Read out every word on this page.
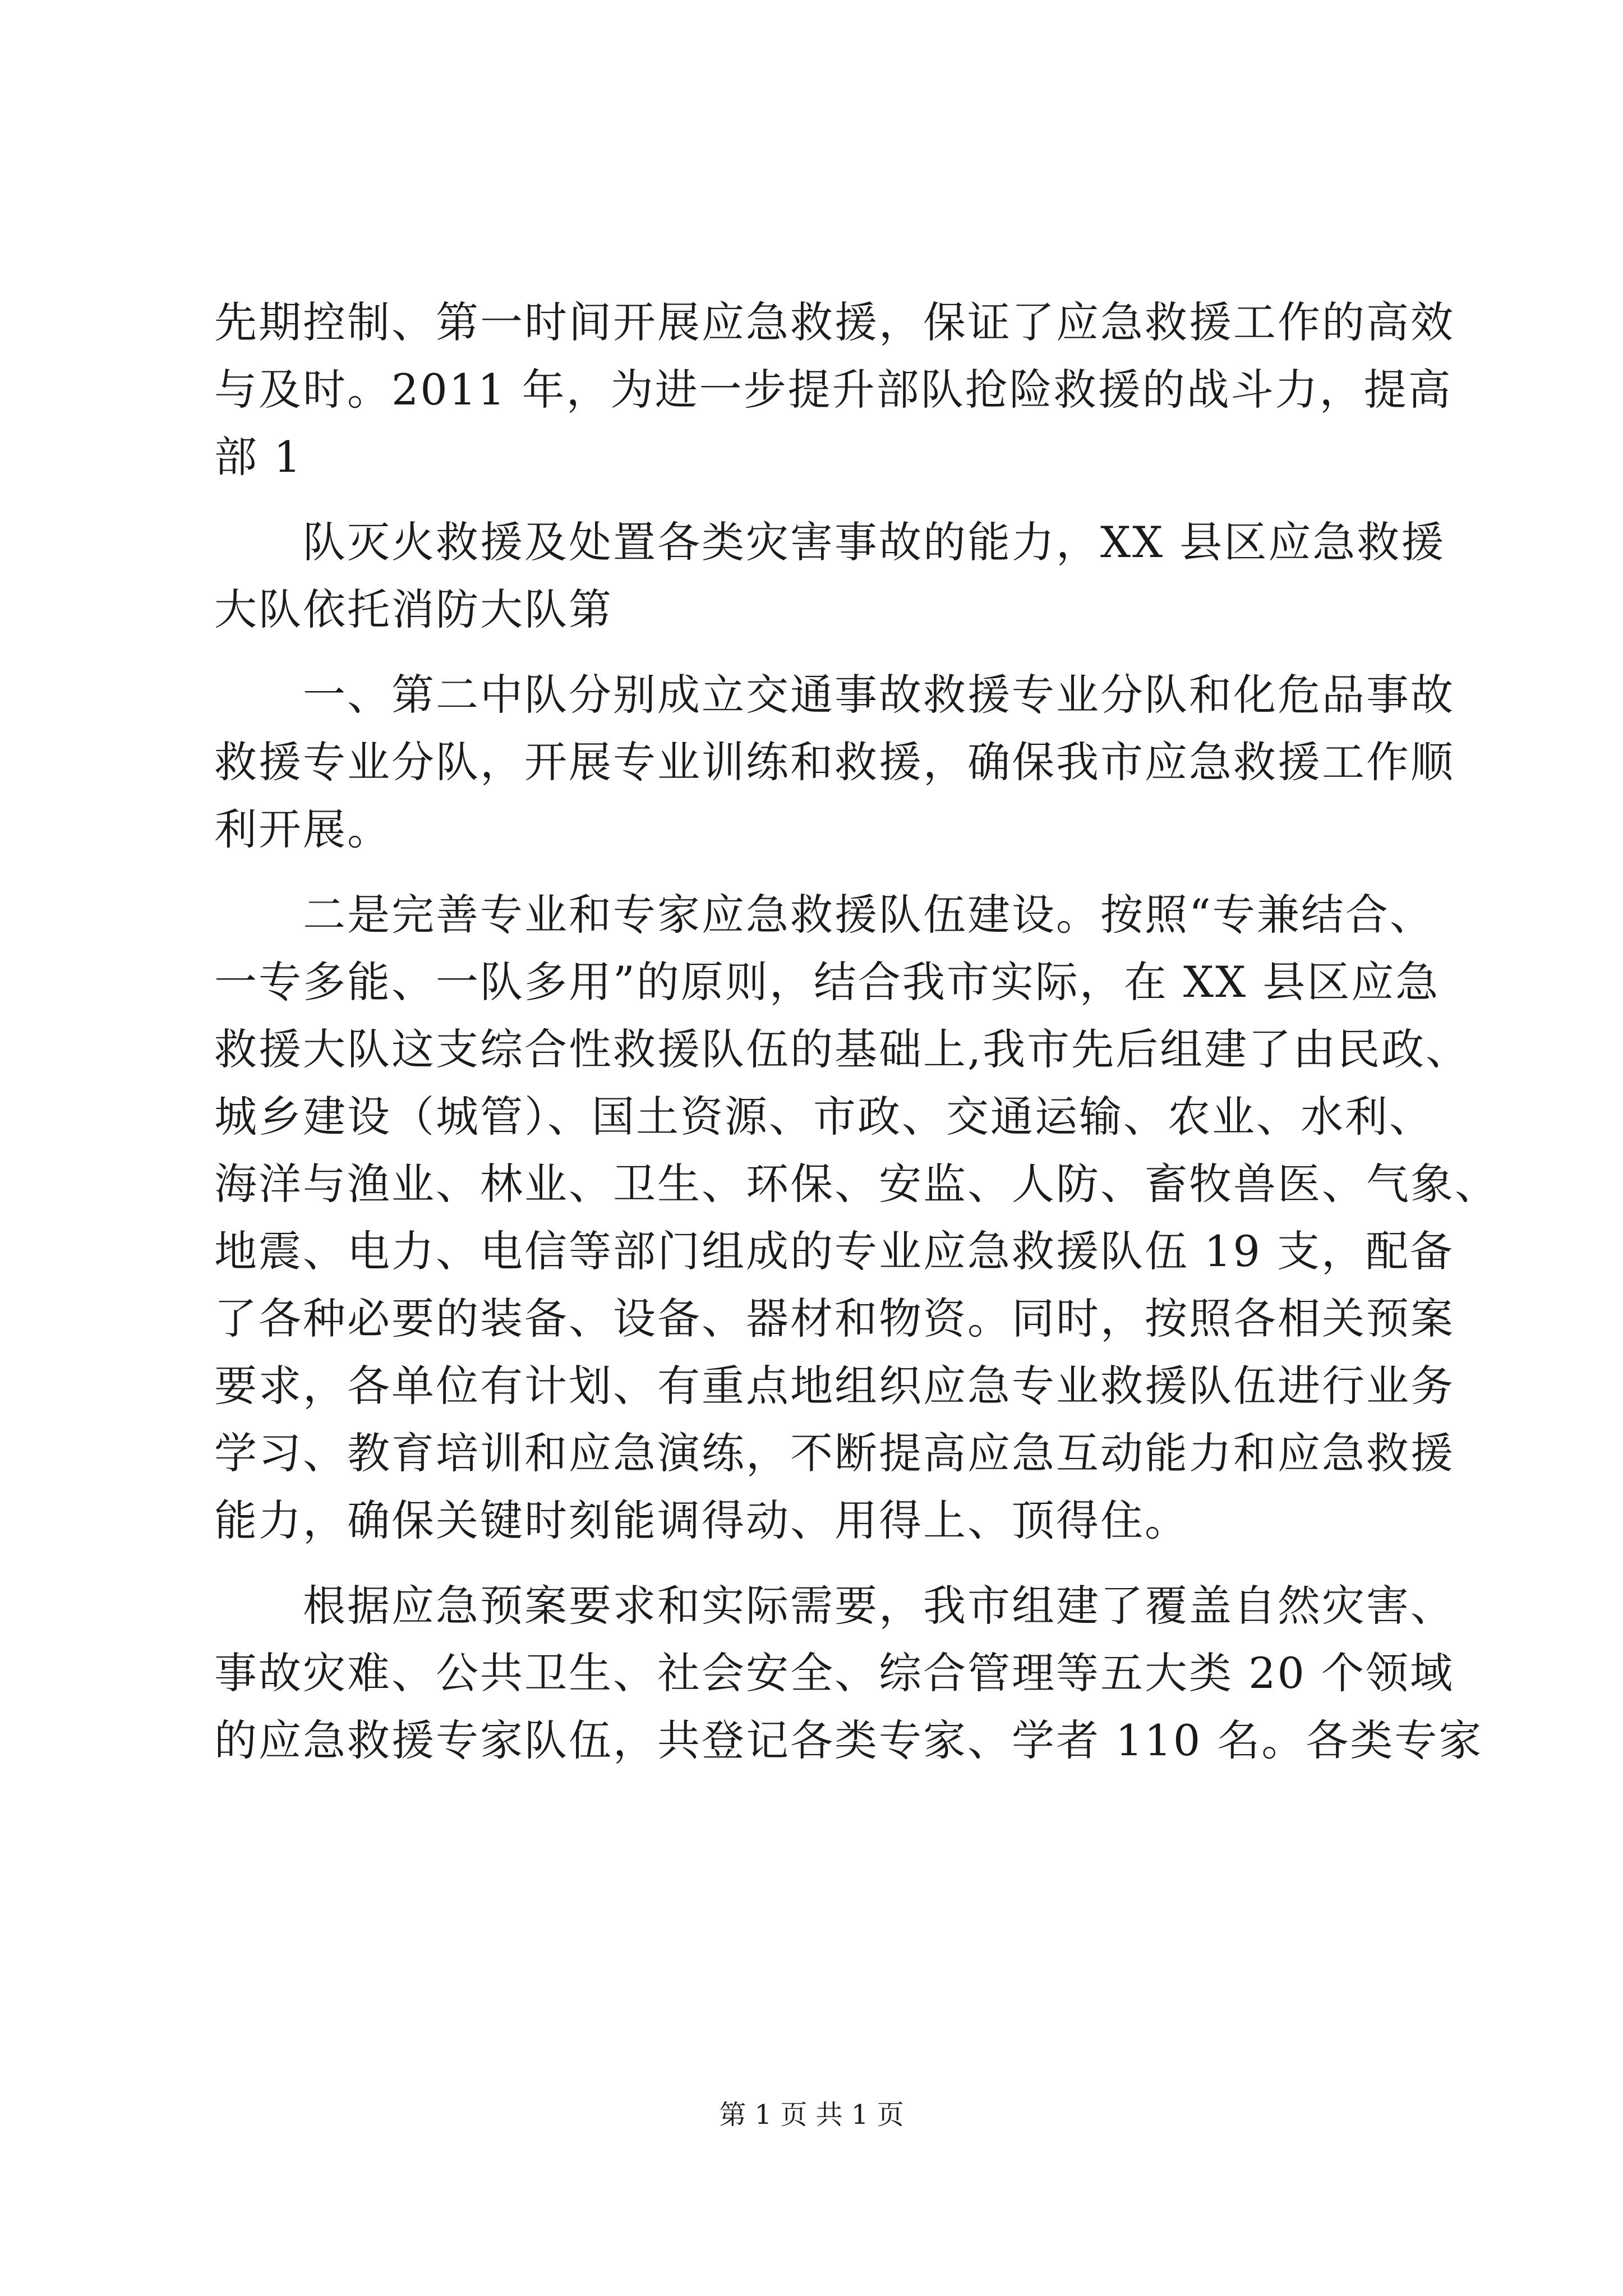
先期控制、第一时间开展应急救援，保证了应急救援工作的高效
与及时。2011 年，为进一步提升部队抢险救援的战斗力，提高
部 1
　　队灭火救援及处置各类灾害事故的能力，XX 县区应急救援
大队依托消防大队第
　　一、第二中队分别成立交通事故救援专业分队和化危品事故
救援专业分队，开展专业训练和救援，确保我市应急救援工作顺
利开展。
　　二是完善专业和专家应急救援队伍建设。按照“专兼结合、
一专多能、一队多用”的原则，结合我市实际，在 XX 县区应急
救援大队这支综合性救援队伍的基础上,我市先后组建了由民政、
城乡建设（城管）、国土资源、市政、交通运输、农业、水利、
海洋与渔业、林业、卫生、环保、安监、人防、畜牧兽医、气象、
地震、电力、电信等部门组成的专业应急救援队伍 19 支，配备
了各种必要的装备、设备、器材和物资。同时，按照各相关预案
要求，各单位有计划、有重点地组织应急专业救援队伍进行业务
学习、教育培训和应急演练，不断提高应急互动能力和应急救援
能力，确保关键时刻能调得动、用得上、顶得住。
　　根据应急预案要求和实际需要，我市组建了覆盖自然灾害、
事故灾难、公共卫生、社会安全、综合管理等五大类 20 个领域
的应急救援专家队伍，共登记各类专家、学者 110 名。各类专家
第 1 页 共 1 页
